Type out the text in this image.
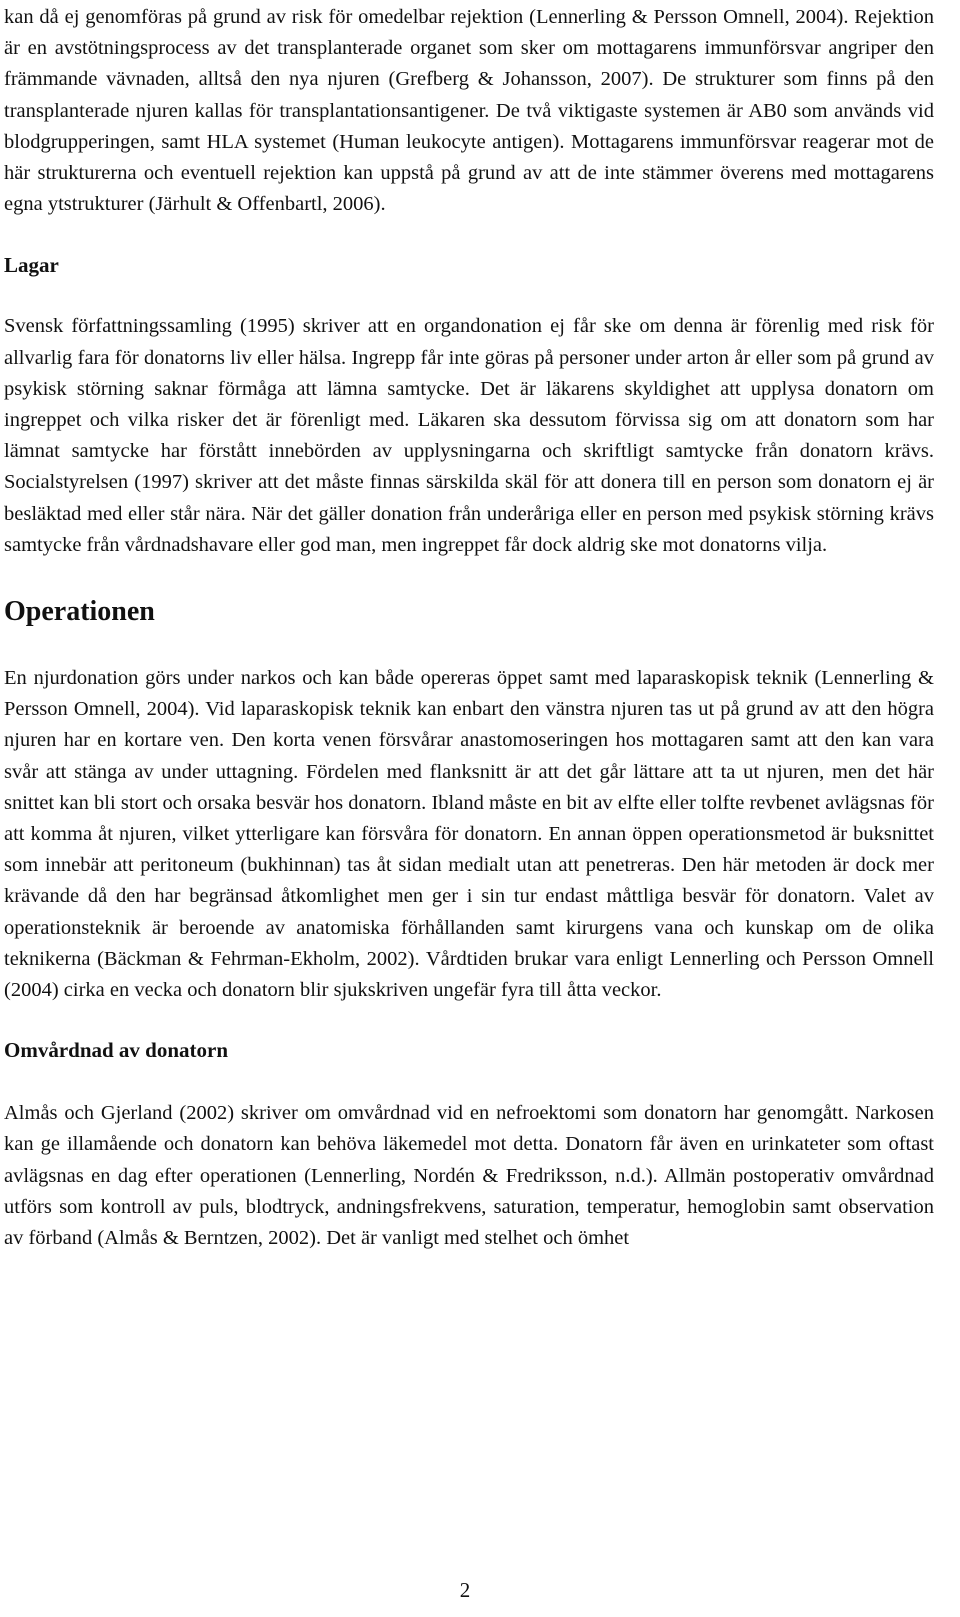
kan då ej genomföras på grund av risk för omedelbar rejektion (Lennerling & Persson Omnell, 2004). Rejektion är en avstötningsprocess av det transplanterade organet som sker om mottagarens immunförsvar angriper den främmande vävnaden, alltså den nya njuren (Grefberg & Johansson, 2007). De strukturer som finns på den transplanterade njuren kallas för transplantationsantigener. De två viktigaste systemen är AB0 som används vid blodgrupperingen, samt HLA systemet (Human leukocyte antigen). Mottagarens immunförsvar reagerar mot de här strukturerna och eventuell rejektion kan uppstå på grund av att de inte stämmer överens med mottagarens egna ytstrukturer (Järhult & Offenbartl, 2006).

Lagar

Svensk författningssamling (1995) skriver att en organdonation ej får ske om denna är förenlig med risk för allvarlig fara för donatorns liv eller hälsa. Ingrepp får inte göras på personer under arton år eller som på grund av psykisk störning saknar förmåga att lämna samtycke. Det är läkarens skyldighet att upplysa donatorn om ingreppet och vilka risker det är förenligt med. Läkaren ska dessutom förvissa sig om att donatorn som har lämnat samtycke har förstått innebörden av upplysningarna och skriftligt samtycke från donatorn krävs. Socialstyrelsen (1997) skriver att det måste finnas särskilda skäl för att donera till en person som donatorn ej är besläktad med eller står nära. När det gäller donation från underåriga eller en person med psykisk störning krävs samtycke från vårdnadshavare eller god man, men ingreppet får dock aldrig ske mot donatorns vilja.

Operationen

En njurdonation görs under narkos och kan både opereras öppet samt med laparaskopisk teknik (Lennerling & Persson Omnell, 2004). Vid laparaskopisk teknik kan enbart den vänstra njuren tas ut på grund av att den högra njuren har en kortare ven. Den korta venen försvårar anastomoseringen hos mottagaren samt att den kan vara svår att stänga av under uttagning. Fördelen med flanksnitt är att det går lättare att ta ut njuren, men det här snittet kan bli stort och orsaka besvär hos donatorn. Ibland måste en bit av elfte eller tolfte revbenet avlägsnas för att komma åt njuren, vilket ytterligare kan försvåra för donatorn. En annan öppen operationsmetod är buksnittet som innebär att peritoneum (bukhinnan) tas åt sidan medialt utan att penetreras. Den här metoden är dock mer krävande då den har begränsad åtkomlighet men ger i sin tur endast måttliga besvär för donatorn. Valet av operationsteknik är beroende av anatomiska förhållanden samt kirurgens vana och kunskap om de olika teknikerna (Bäckman & Fehrman-Ekholm, 2002). Vårdtiden brukar vara enligt Lennerling och Persson Omnell (2004) cirka en vecka och donatorn blir sjukskriven ungefär fyra till åtta veckor.

Omvårdnad av donatorn

Almås och Gjerland (2002) skriver om omvårdnad vid en nefroektomi som donatorn har genomgått. Narkosen kan ge illamående och donatorn kan behöva läkemedel mot detta. Donatorn får även en urinkateter som oftast avlägsnas en dag efter operationen (Lennerling, Nordén & Fredriksson, n.d.). Allmän postoperativ omvårdnad utförs som kontroll av puls, blodtryck, andningsfrekvens, saturation, temperatur, hemoglobin samt observation av förband (Almås & Berntzen, 2002). Det är vanligt med stelhet och ömhet

2
